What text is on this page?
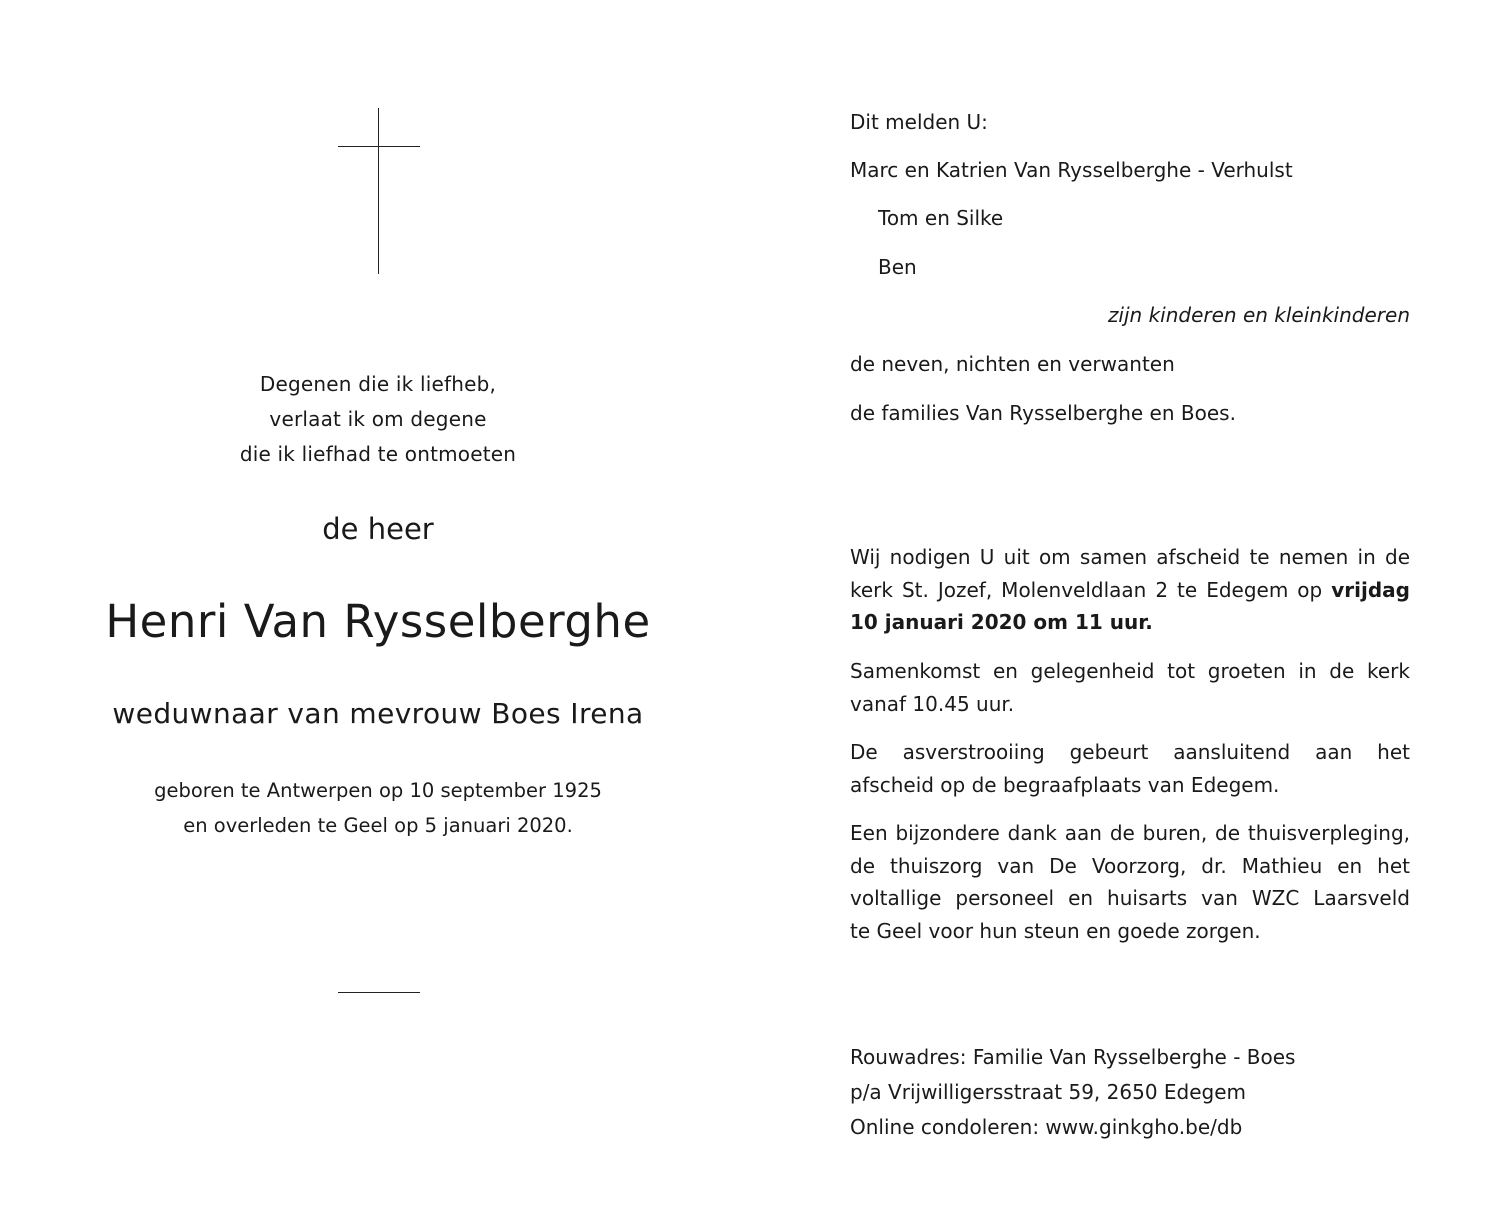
Degenen die ik liefheb,
verlaat ik om degene
die ik liefhad te ontmoeten
de heer
Henri Van Rysselberghe
weduwnaar van mevrouw Boes Irena
geboren te Antwerpen op 10 september 1925
en overleden te Geel op 5 januari 2020.
Dit melden U:
Marc en Katrien Van Rysselberghe - Verhulst
Tom en Silke
Ben
zijn kinderen en kleinkinderen
de neven, nichten en verwanten
de families Van Rysselberghe en Boes.
Wij nodigen U uit om samen afscheid te nemen in de
kerk St. Jozef, Molenveldlaan 2 te Edegem op vrijdag
10 januari 2020 om 11 uur.
Samenkomst en gelegenheid tot groeten in de kerk
vanaf 10.45 uur.
De asverstrooiing gebeurt aansluitend aan het
afscheid op de begraafplaats van Edegem.
Een bijzondere dank aan de buren, de thuisverpleging,
de thuiszorg van De Voorzorg, dr. Mathieu en het
voltallige personeel en huisarts van WZC Laarsveld
te Geel voor hun steun en goede zorgen.
Rouwadres: Familie Van Rysselberghe - Boes
p/a Vrijwilligersstraat 59, 2650 Edegem
Online condoleren: www.ginkgho.be/db
